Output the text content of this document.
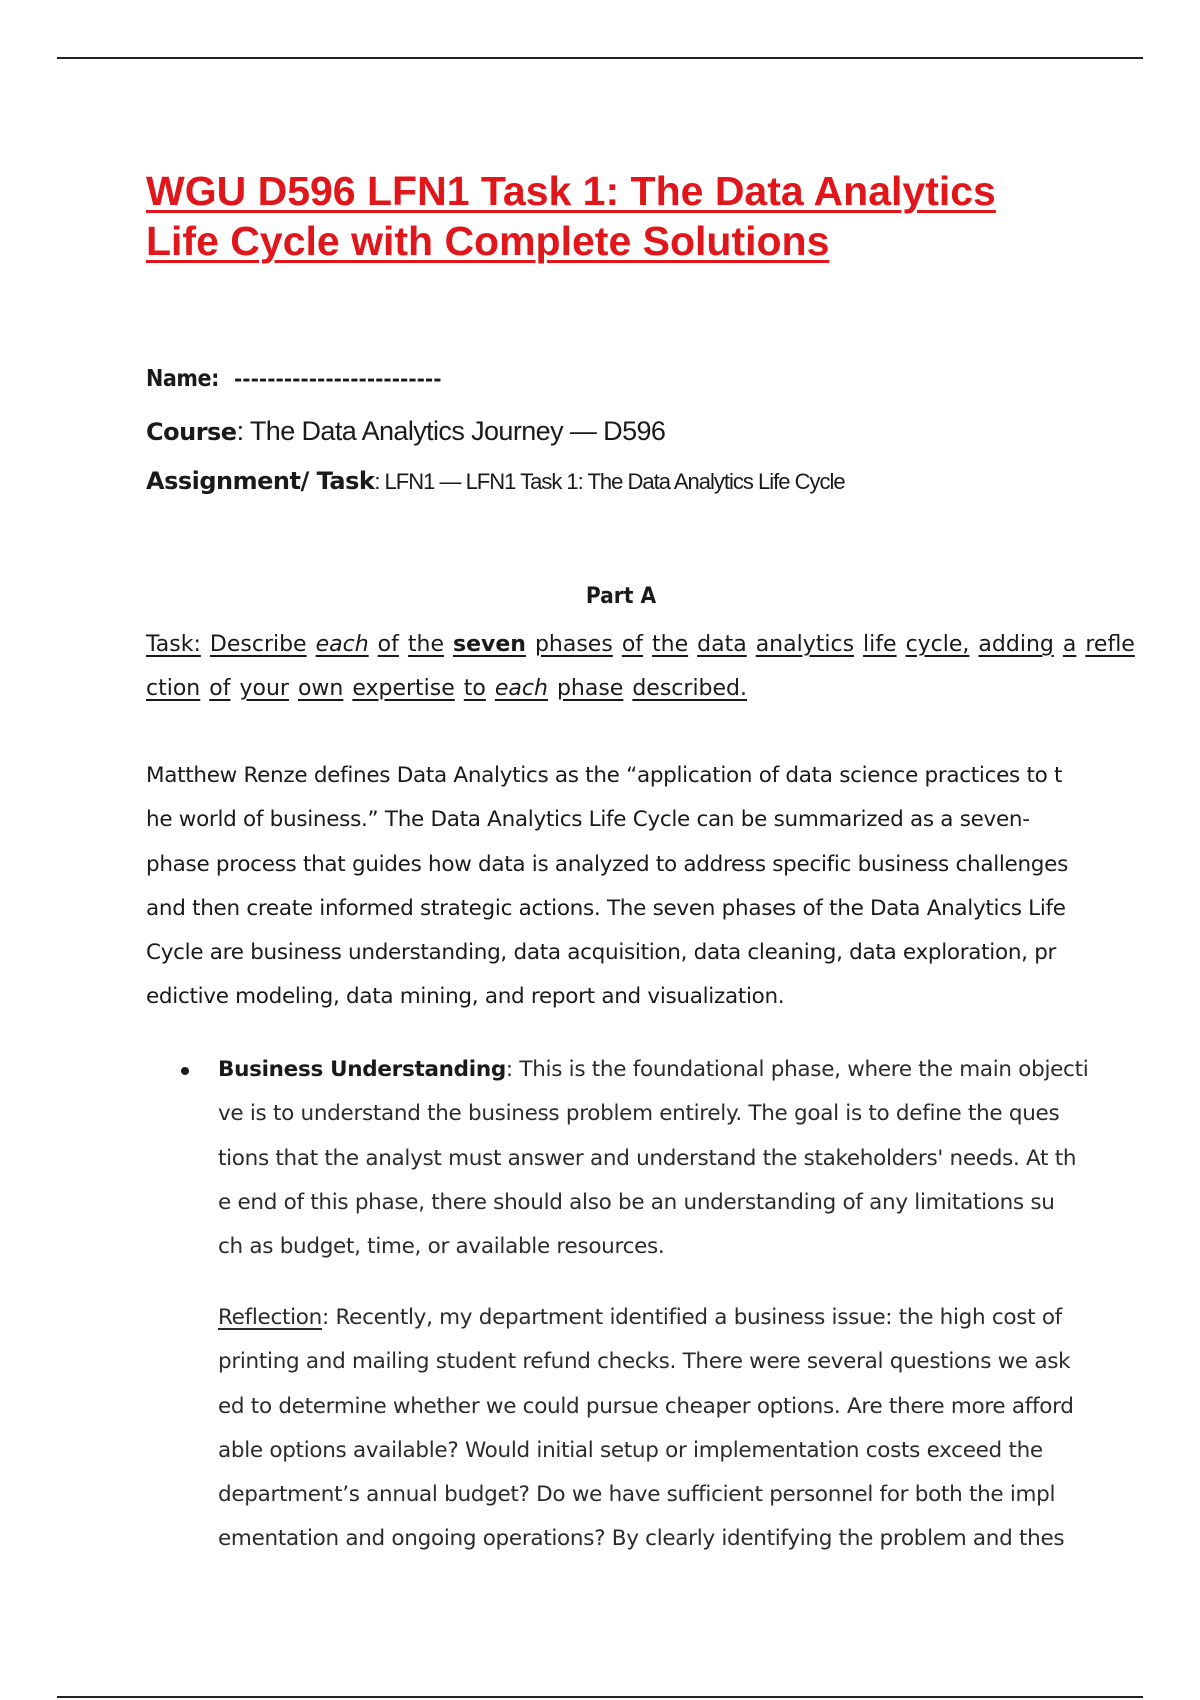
WGU D596 LFN1 Task 1: The Data Analytics
Life Cycle with Complete Solutions
Name: -------------------------
Course: The Data Analytics Journey — D596
Assignment/ Task: LFN1 — LFN1 Task 1: The Data Analytics Life Cycle
Part A
Task: Describe each of the seven phases of the data analytics life cycle, adding a refle
ction of your own expertise to each phase described.
Matthew Renze defines Data Analytics as the “application of data science practices to t
he world of business.” The Data Analytics Life Cycle can be summarized as a seven-
phase process that guides how data is analyzed to address specific business challenges
and then create informed strategic actions. The seven phases of the Data Analytics Life
Cycle are business understanding, data acquisition, data cleaning, data exploration, pr
edictive modeling, data mining, and report and visualization.
Business Understanding: This is the foundational phase, where the main objecti
ve is to understand the business problem entirely. The goal is to define the ques
tions that the analyst must answer and understand the stakeholders' needs. At th
e end of this phase, there should also be an understanding of any limitations su
ch as budget, time, or available resources.
Reflection: Recently, my department identified a business issue: the high cost of
printing and mailing student refund checks. There were several questions we ask
ed to determine whether we could pursue cheaper options. Are there more afford
able options available? Would initial setup or implementation costs exceed the
department’s annual budget? Do we have sufficient personnel for both the impl
ementation and ongoing operations? By clearly identifying the problem and thes
